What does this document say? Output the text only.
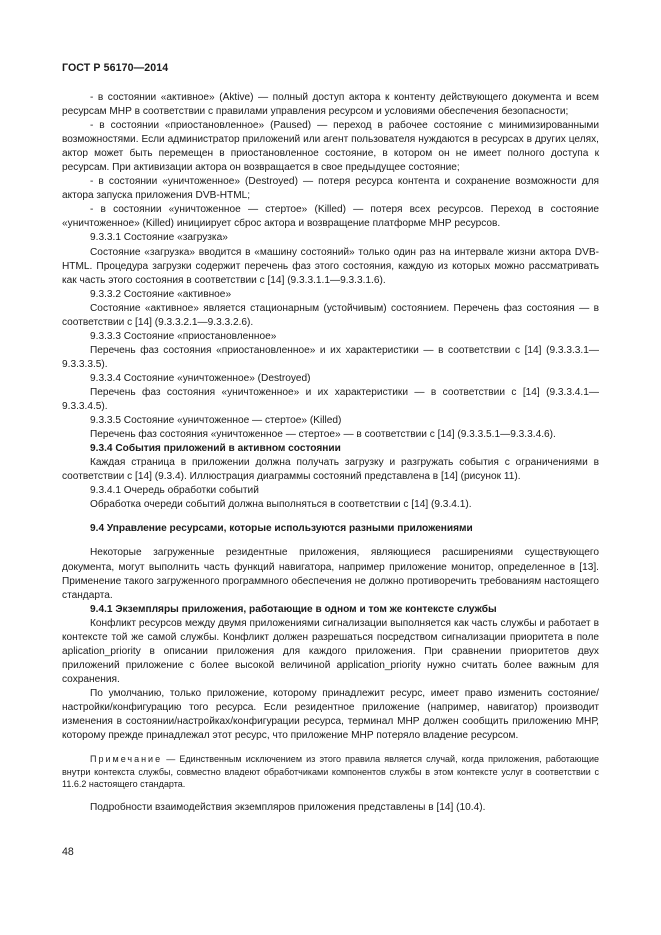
ГОСТ Р 56170—2014

- в состоянии «активное» (Aktive) — полный доступ актора к контенту действующего документа и всем ресурсам МНР в соответствии с правилами управления ресурсом и условиями обеспечения безопасности;

- в состоянии «приостановленное» (Paused) — переход в рабочее состояние с минимизированными возможностями. Если администратор приложений или агент пользователя нуждаются в ресурсах в других целях, актор может быть перемещен в приостановленное состояние, в котором он не имеет полного доступа к ресурсам. При активизации актора он возвращается в свое предыдущее состояние;

- в состоянии «уничтоженное» (Destroyed) — потеря ресурса контента и сохранение возможности для актора запуска приложения DVB-HTML;

- в состоянии «уничтоженное — стертое» (Killed) — потеря всех ресурсов. Переход в состояние «уничтоженное» (Killed) инициирует сброс актора и возвращение платформе МНР ресурсов.

9.3.3.1 Состояние «загрузка»

Состояние «загрузка» вводится в «машину состояний» только один раз на интервале жизни актора DVB-HTML. Процедура загрузки содержит перечень фаз этого состояния, каждую из которых можно рассматривать как часть этого состояния в соответствии с [14] (9.3.3.1.1—9.3.3.1.6).

9.3.3.2 Состояние «активное»

Состояние «активное» является стационарным (устойчивым) состоянием. Перечень фаз состояния — в соответствии с [14] (9.3.3.2.1—9.3.3.2.6).

9.3.3.3 Состояние «приостановленное»

Перечень фаз состояния «приостановленное» и их характеристики — в соответствии с [14] (9.3.3.3.1—9.3.3.3.5).

9.3.3.4 Состояние «уничтоженное» (Destroyed)

Перечень фаз состояния «уничтоженное» и их характеристики — в соответствии с [14] (9.3.3.4.1—9.3.3.4.5).

9.3.3.5 Состояние «уничтоженное — стертое» (Killed)

Перечень фаз состояния «уничтоженное — стертое» — в соответствии с [14] (9.3.3.5.1—9.3.3.4.6).

9.3.4 События приложений в активном состоянии

Каждая страница в приложении должна получать загрузку и разгружать события с ограничениями в соответствии с [14] (9.3.4). Иллюстрация диаграммы состояний представлена в [14] (рисунок 11).

9.3.4.1 Очередь обработки событий

Обработка очереди событий должна выполняться в соответствии с [14] (9.3.4.1).

9.4 Управление ресурсами, которые используются разными приложениями

Некоторые загруженные резидентные приложения, являющиеся расширениями существующего документа, могут выполнить часть функций навигатора, например приложение монитор, определенное в [13]. Применение такого загруженного программного обеспечения не должно противоречить требованиям настоящего стандарта.

9.4.1 Экземпляры приложения, работающие в одном и том же контексте службы

Конфликт ресурсов между двумя приложениями сигнализации выполняется как часть службы и работает в контексте той же самой службы. Конфликт должен разрешаться посредством сигнализации приоритета в поле aplication_priority в описании приложения для каждого приложения. При сравнении приоритетов двух приложений приложение с более высокой величиной application_priority нужно считать более важным для сохранения.

По умолчанию, только приложение, которому принадлежит ресурс, имеет право изменить состояние/настройки/конфигурацию того ресурса. Если резидентное приложение (например, навигатор) производит изменения в состоянии/настройках/конфигурации ресурса, терминал МНР должен сообщить приложению МНР, которому прежде принадлежал этот ресурс, что приложение МНР потеряло владение ресурсом.

Примечание — Единственным исключением из этого правила является случай, когда приложения, работающие внутри контекста службы, совместно владеют обработчиками компонентов службы в этом контексте услуг в соответствии с 11.6.2 настоящего стандарта.

Подробности взаимодействия экземпляров приложения представлены в [14] (10.4).

48
